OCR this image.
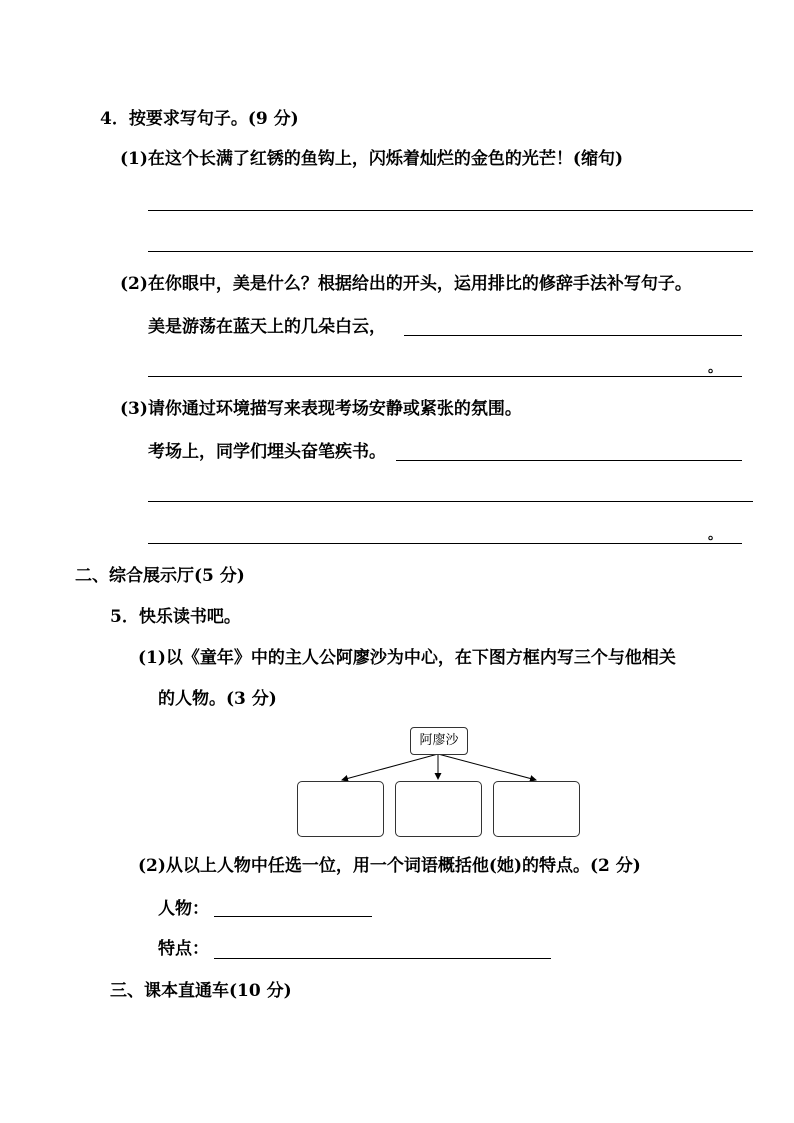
4．按要求写句子。(9 分)
(1)在这个长满了红锈的鱼钩上，闪烁着灿烂的金色的光芒！(缩句)
(2)在你眼中，美是什么？根据给出的开头，运用排比的修辞手法补写句子。
美是游荡在蓝天上的几朵白云，
。
(3)请你通过环境描写来表现考场安静或紧张的氛围。
考场上，同学们埋头奋笔疾书。
。
二、综合展示厅(5 分)
5．快乐读书吧。
(1)以《童年》中的主人公阿廖沙为中心，在下图方框内写三个与他相关
的人物。(3 分)
阿廖沙
(2)从以上人物中任选一位，用一个词语概括他(她)的特点。(2 分)
人物：
特点：
三、课本直通车(10 分)
